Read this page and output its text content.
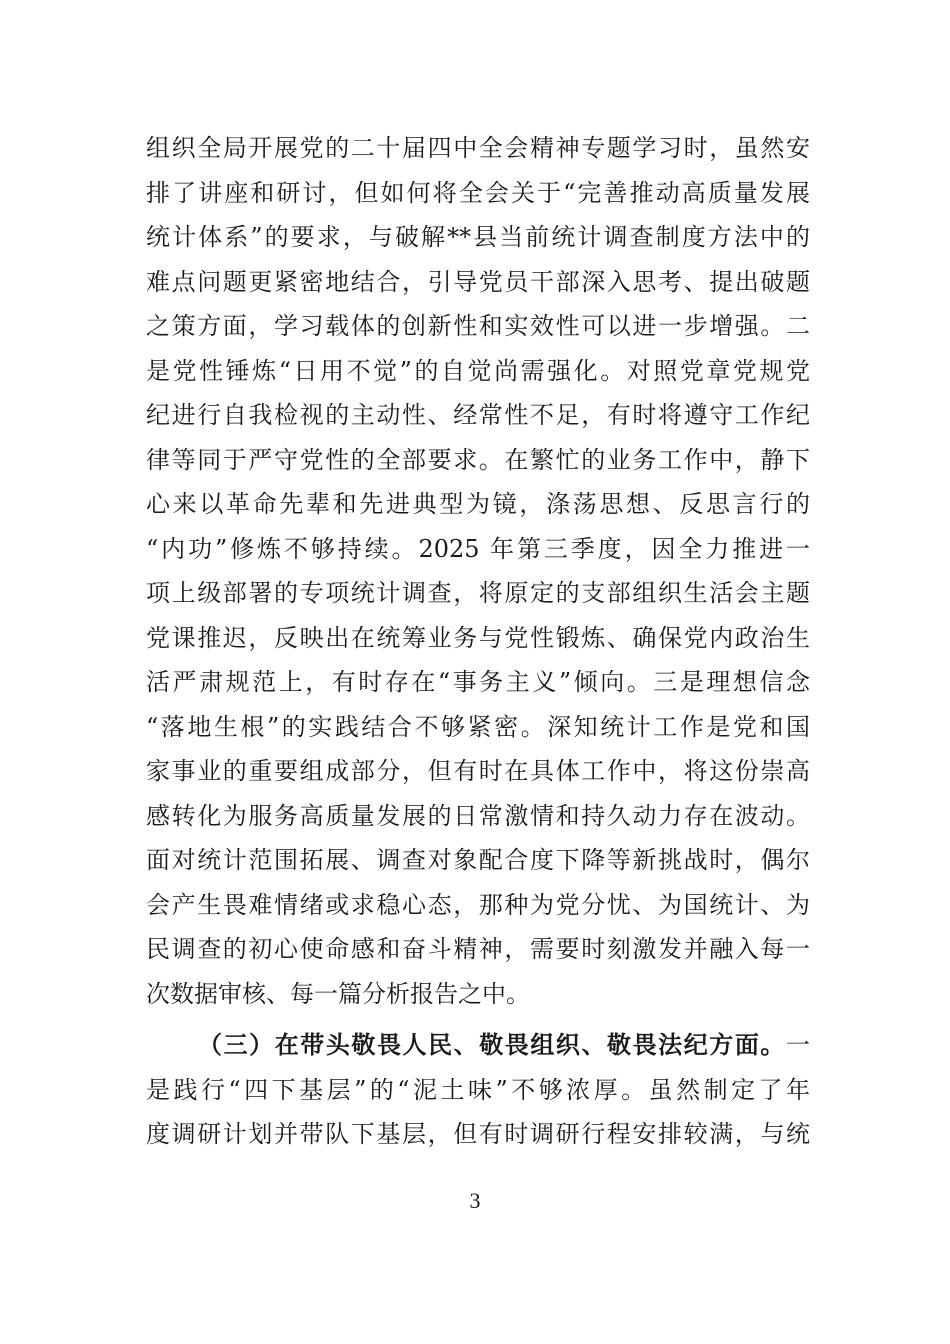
组织全局开展党的二十届四中全会精神专题学习时，虽然安
排了讲座和研讨，但如何将全会关于“完善推动高质量发展
统计体系”的要求，与破解**县当前统计调查制度方法中的
难点问题更紧密地结合，引导党员干部深入思考、提出破题
之策方面，学习载体的创新性和实效性可以进一步增强。二
是党性锤炼“日用不觉”的自觉尚需强化。对照党章党规党
纪进行自我检视的主动性、经常性不足，有时将遵守工作纪
律等同于严守党性的全部要求。在繁忙的业务工作中，静下
心来以革命先辈和先进典型为镜，涤荡思想、反思言行的
“内功”修炼不够持续。2025 年第三季度，因全力推进一
项上级部署的专项统计调查，将原定的支部组织生活会主题
党课推迟，反映出在统筹业务与党性锻炼、确保党内政治生
活严肃规范上，有时存在“事务主义”倾向。三是理想信念
“落地生根”的实践结合不够紧密。深知统计工作是党和国
家事业的重要组成部分，但有时在具体工作中，将这份崇高
感转化为服务高质量发展的日常激情和持久动力存在波动。
面对统计范围拓展、调查对象配合度下降等新挑战时，偶尔
会产生畏难情绪或求稳心态，那种为党分忧、为国统计、为
民调查的初心使命感和奋斗精神，需要时刻激发并融入每一
次数据审核、每一篇分析报告之中。
（三）在带头敬畏人民、敬畏组织、敬畏法纪方面。一
是践行“四下基层”的“泥土味”不够浓厚。虽然制定了年
度调研计划并带队下基层，但有时调研行程安排较满，与统
3
